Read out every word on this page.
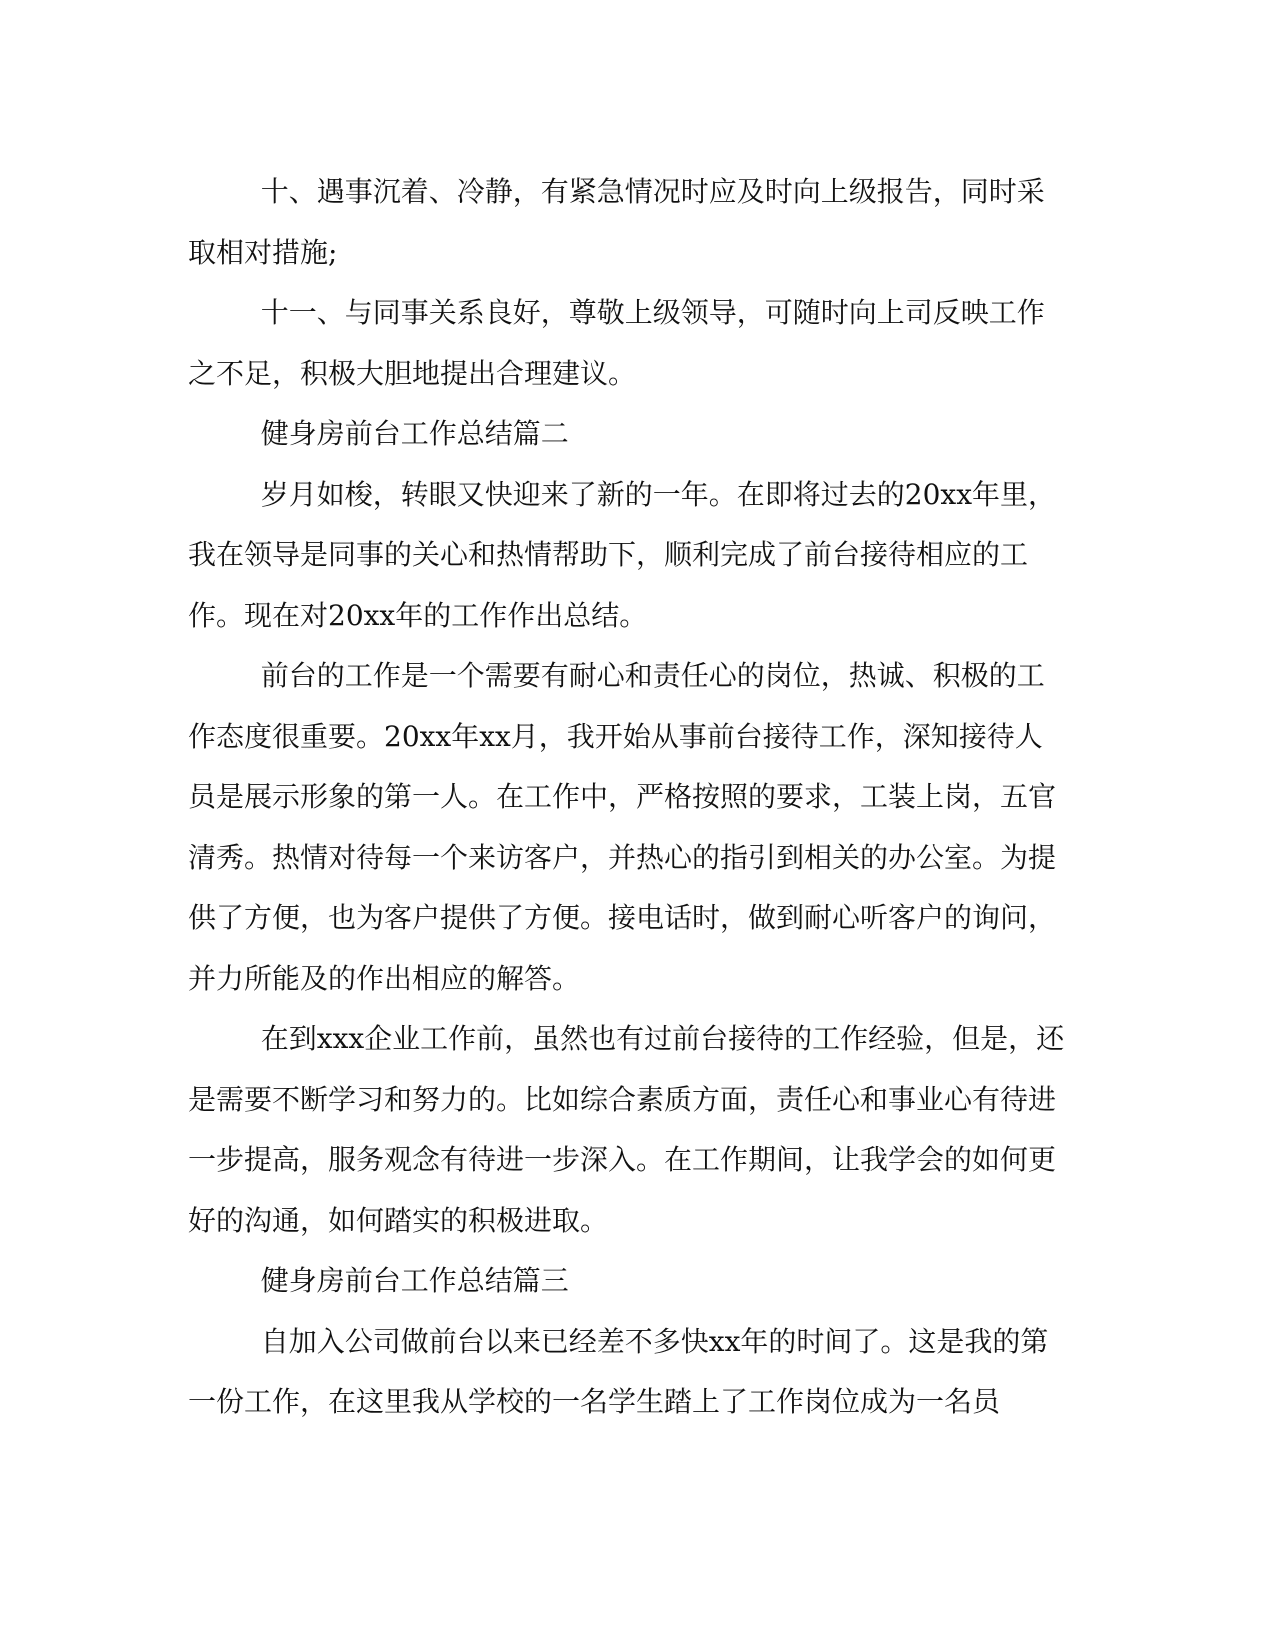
十、遇事沉着、冷静，有紧急情况时应及时向上级报告，同时采取相对措施;

十一、与同事关系良好，尊敬上级领导，可随时向上司反映工作之不足，积极大胆地提出合理建议。

健身房前台工作总结篇二

岁月如梭，转眼又快迎来了新的一年。在即将过去的20xx年里，我在领导是同事的关心和热情帮助下，顺利完成了前台接待相应的工作。现在对20xx年的工作作出总结。

前台的工作是一个需要有耐心和责任心的岗位，热诚、积极的工作态度很重要。20xx年xx月，我开始从事前台接待工作，深知接待人员是展示形象的第一人。在工作中，严格按照的要求，工装上岗，五官清秀。热情对待每一个来访客户，并热心的指引到相关的办公室。为提供了方便，也为客户提供了方便。接电话时，做到耐心听客户的询问，并力所能及的作出相应的解答。

在到xxx企业工作前，虽然也有过前台接待的工作经验，但是，还是需要不断学习和努力的。比如综合素质方面，责任心和事业心有待进一步提高，服务观念有待进一步深入。在工作期间，让我学会的如何更好的沟通，如何踏实的积极进取。

健身房前台工作总结篇三

自加入公司做前台以来已经差不多快xx年的时间了。这是我的第一份工作，在这里我从学校的一名学生踏上了工作岗位成为一名员
